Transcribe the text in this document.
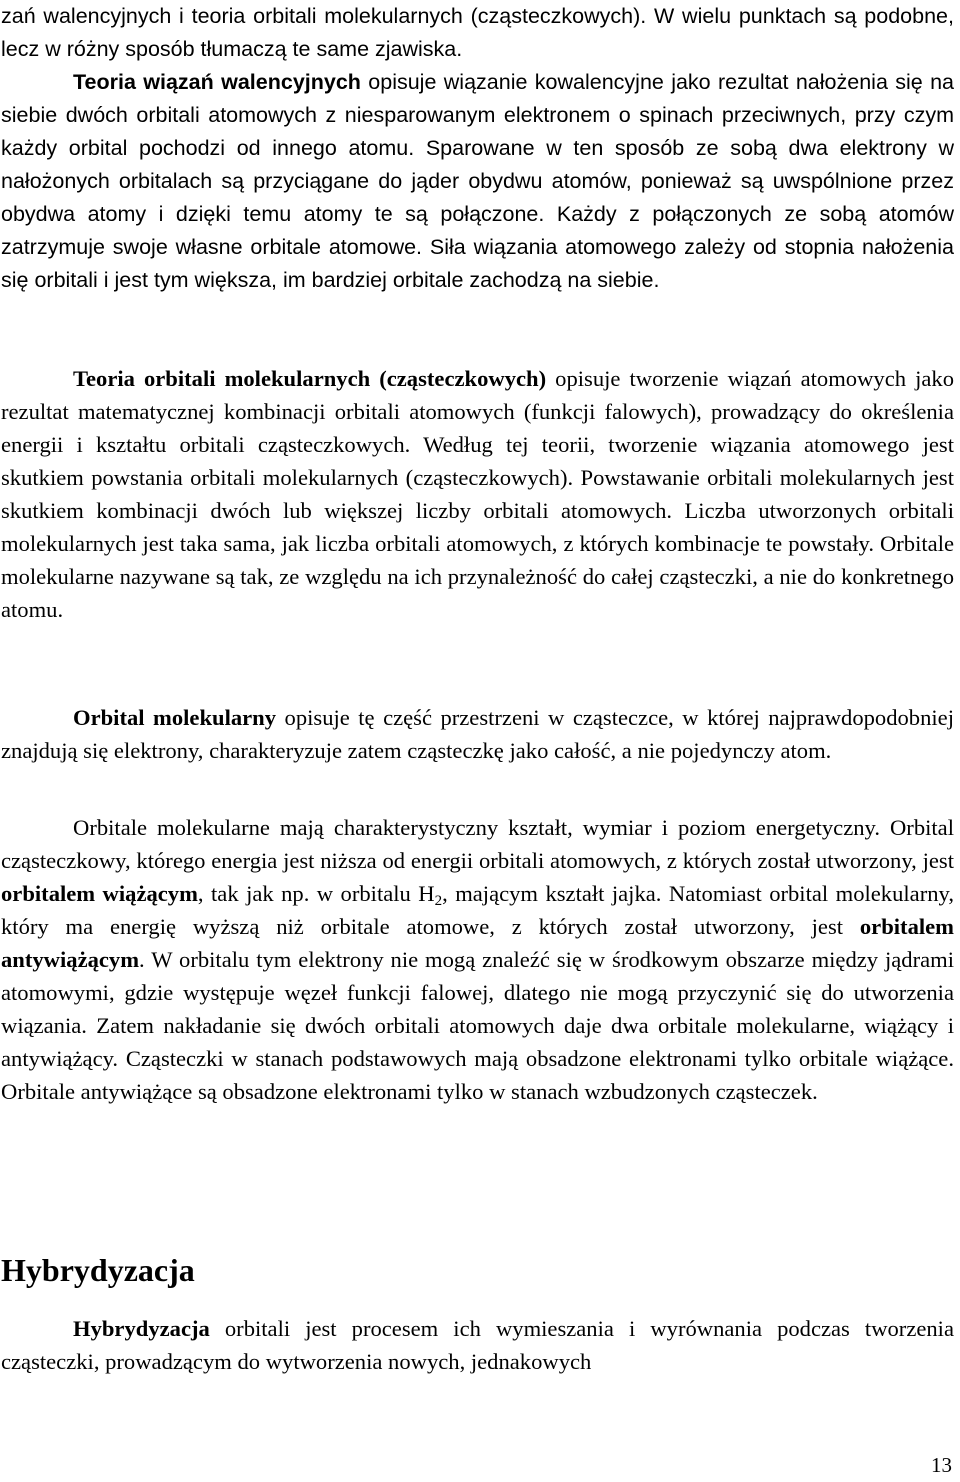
zań walencyjnych i teoria orbitali molekularnych (cząsteczkowych). W wielu punktach są podobne, lecz w różny sposób tłumaczą te same zjawiska.

Teoria wiązań walencyjnych opisuje wiązanie kowalencyjne jako rezultat nałożenia się na siebie dwóch orbitali atomowych z niesparowanym elektronem o spinach przeciwnych, przy czym każdy orbital pochodzi od innego atomu. Sparowane w ten sposób ze sobą dwa elektrony w nałożonych orbitalach są przyciągane do jąder obydwu atomów, ponieważ są uwspólnione przez obydwa atomy i dzięki temu atomy te są połączone. Każdy z połączonych ze sobą atomów zatrzymuje swoje własne orbitale atomowe. Siła wiązania atomowego zależy od stopnia nałożenia się orbitali i jest tym większa, im bardziej orbitale zachodzą na siebie.

Teoria orbitali molekularnych (cząsteczkowych) opisuje tworzenie wiązań atomowych jako rezultat matematycznej kombinacji orbitali atomowych (funkcji falowych), prowadzący do określenia energii i kształtu orbitali cząsteczkowych. Według tej teorii, tworzenie wiązania atomowego jest skutkiem powstania orbitali molekularnych (cząsteczkowych). Powstawanie orbitali molekularnych jest skutkiem kombinacji dwóch lub większej liczby orbitali atomowych. Liczba utworzonych orbitali molekularnych jest taka sama, jak liczba orbitali atomowych, z których kombinacje te powstały. Orbitale molekularne nazywane są tak, ze względu na ich przynależność do całej cząsteczki, a nie do konkretnego atomu.

Orbital molekularny opisuje tę część przestrzeni w cząsteczce, w której najprawdopodobniej znajdują się elektrony, charakteryzuje zatem cząsteczkę jako całość, a nie pojedynczy atom.

Orbitale molekularne mają charakterystyczny kształt, wymiar i poziom energetyczny. Orbital cząsteczkowy, którego energia jest niższa od energii orbitali atomowych, z których został utworzony, jest orbitalem wiążącym, tak jak np. w orbitalu $H_2$, mającym kształt jajka. Natomiast orbital molekularny, który ma energię wyższą niż orbitale atomowe, z których został utworzony, jest orbitalem antywiążącym. W orbitalu tym elektrony nie mogą znaleźć się w środkowym obszarze między jądrami atomowymi, gdzie występuje węzeł funkcji falowej, dlatego nie mogą przyczynić się do utworzenia wiązania. Zatem nakładanie się dwóch orbitali atomowych daje dwa orbitale molekularne, wiążący i antywiążący. Cząsteczki w stanach podstawowych mają obsadzone elektronami tylko orbitale wiążące. Orbitale antywiążące są obsadzone elektronami tylko w stanach wzbudzonych cząsteczek.

Hybrydyzacja

Hybrydyzacja orbitali jest procesem ich wymieszania i wyrównania podczas tworzenia cząsteczki, prowadzącym do wytworzenia nowych, jednakowych

13
